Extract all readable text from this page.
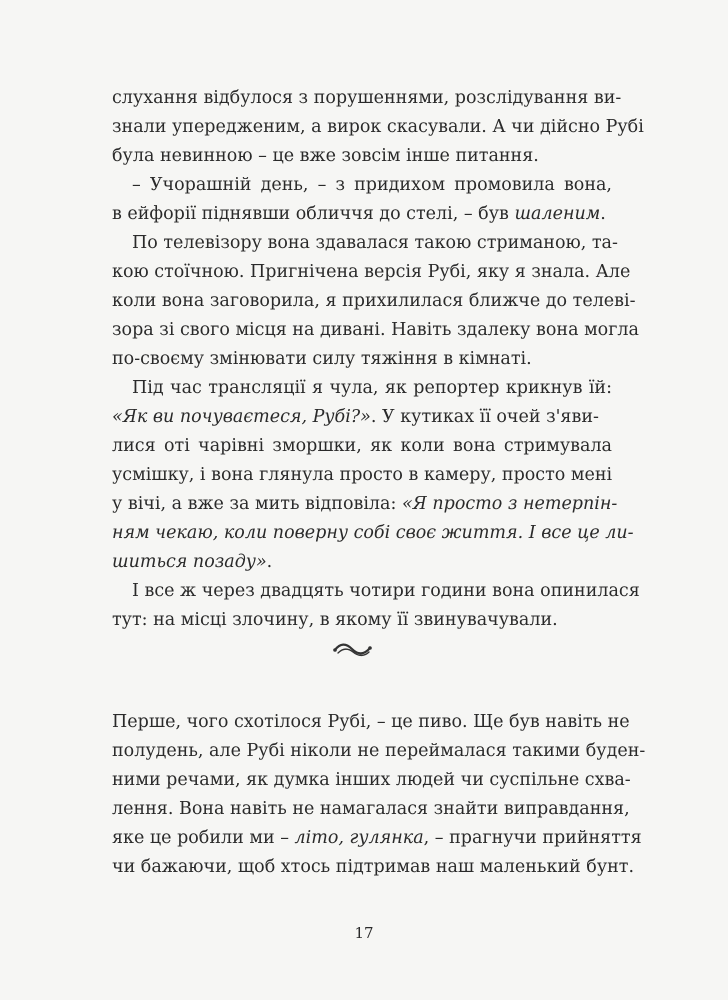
слухання відбулося з порушеннями, розслідування ви-
знали упередженим, а вирок скасували. А чи дійсно Рубі
була невинною – це вже зовсім інше питання.
– Учорашній день, – з придихом промовила вона,
в ейфорії піднявши обличчя до стелі, – був шаленим.
По телевізору вона здавалася такою стриманою, та-
кою стоїчною. Пригнічена версія Рубі, яку я знала. Але
коли вона заговорила, я прихилилася ближче до телеві-
зора зі свого місця на дивані. Навіть здалеку вона могла
по-своєму змінювати силу тяжіння в кімнаті.
Під час трансляції я чула, як репортер крикнув їй:
«Як ви почуваєтеся, Рубі?». У кутиках її очей з'яви-
лися оті чарівні зморшки, як коли вона стримувала
усмішку, і вона глянула просто в камеру, просто мені
у вічі, а вже за мить відповіла: «Я просто з нетерпін-
ням чекаю, коли поверну собі своє життя. І все це ли-
шиться позаду».
І все ж через двадцять чотири години вона опинилася
тут: на місці злочину, в якому її звинувачували.
Перше, чого схотілося Рубі, – це пиво. Ще був навіть не
полудень, але Рубі ніколи не переймалася такими буден-
ними речами, як думка інших людей чи суспільне схва-
лення. Вона навіть не намагалася знайти виправдання,
яке це робили ми – літо, гулянка, – прагнучи прийняття
чи бажаючи, щоб хтось підтримав наш маленький бунт.
17
